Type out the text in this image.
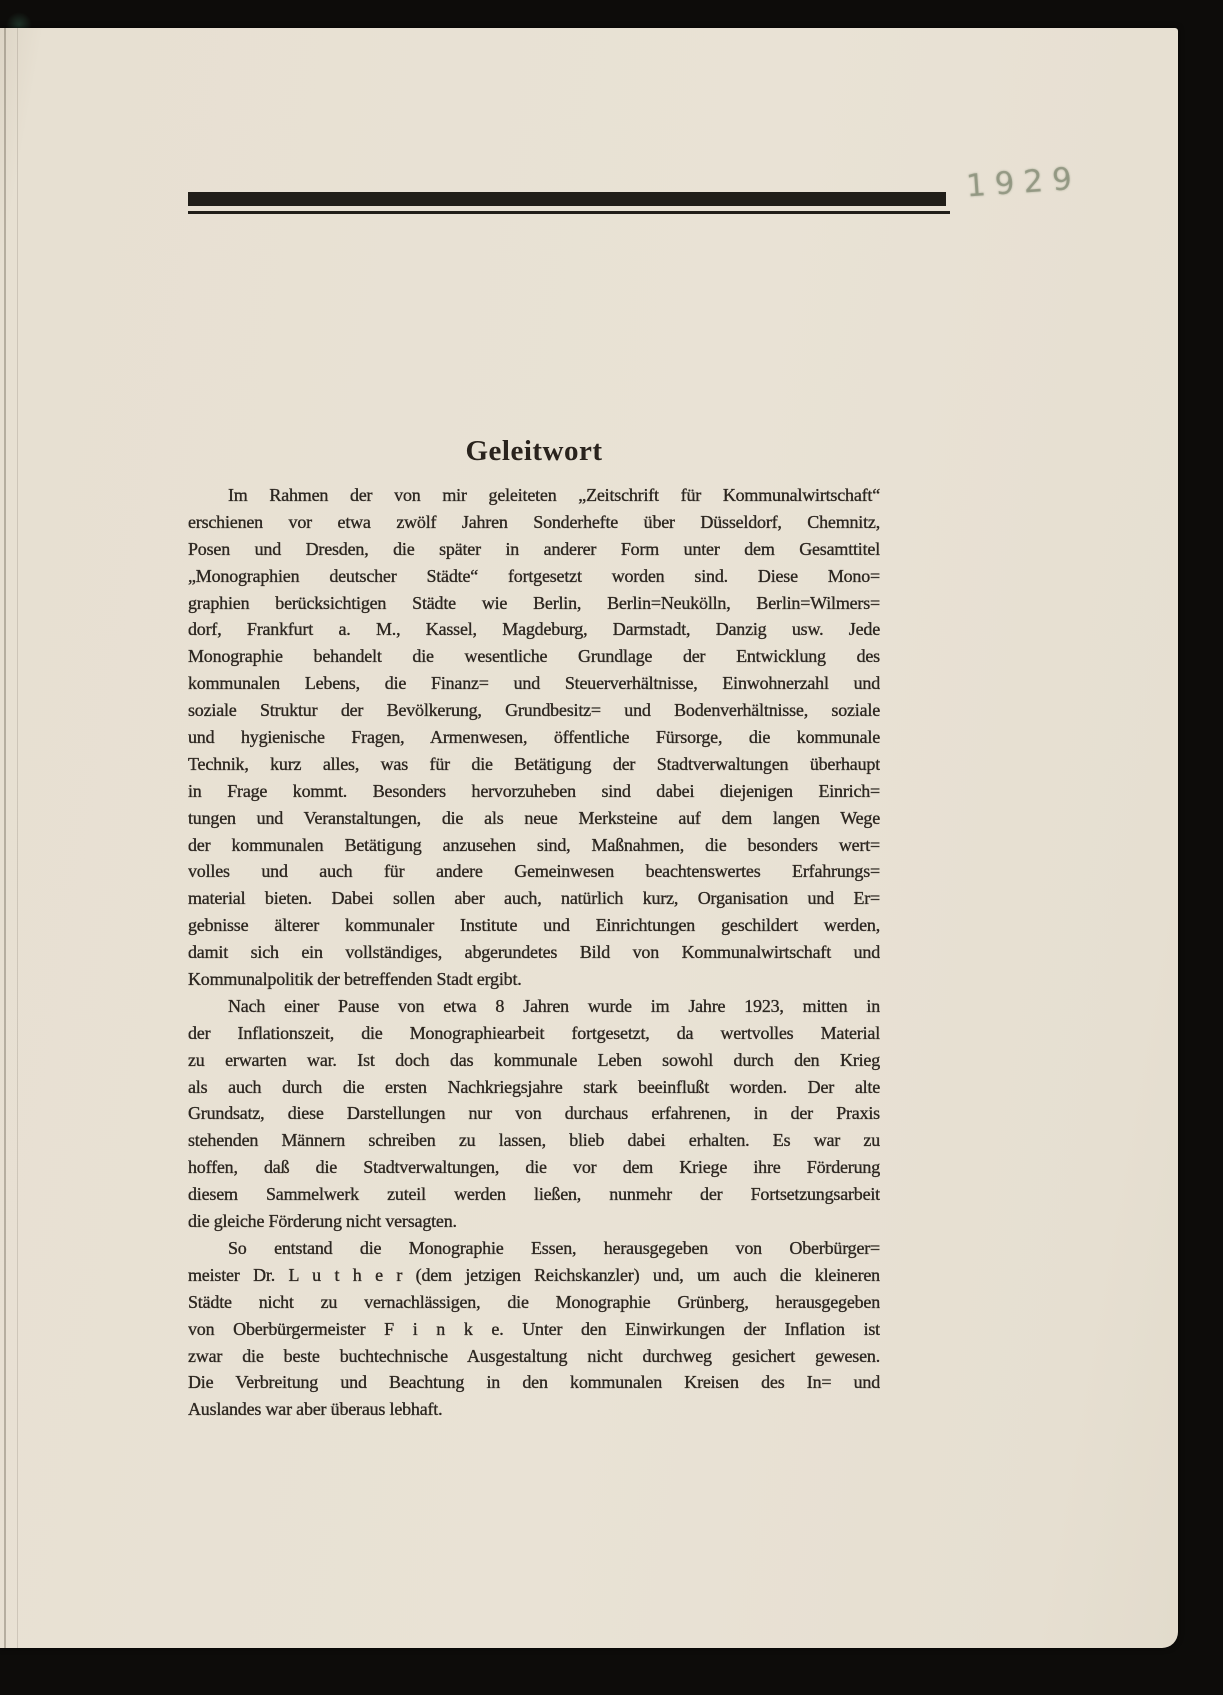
1929
Geleitwort
Im Rahmen der von mir geleiteten „Zeitschrift für Kommunalwirtschaft“
erschienen vor etwa zwölf Jahren Sonderhefte über Düsseldorf, Chemnitz,
Posen und Dresden, die später in anderer Form unter dem Gesamttitel
„Monographien deutscher Städte“ fortgesetzt worden sind. Diese Mono=
graphien berücksichtigen Städte wie Berlin, Berlin=Neukölln, Berlin=Wilmers=
dorf, Frankfurt a. M., Kassel, Magdeburg, Darmstadt, Danzig usw. Jede
Monographie behandelt die wesentliche Grundlage der Entwicklung des
kommunalen Lebens, die Finanz= und Steuerverhältnisse, Einwohnerzahl und
soziale Struktur der Bevölkerung, Grundbesitz= und Bodenverhältnisse, soziale
und hygienische Fragen, Armenwesen, öffentliche Fürsorge, die kommunale
Technik, kurz alles, was für die Betätigung der Stadtverwaltungen überhaupt
in Frage kommt. Besonders hervorzuheben sind dabei diejenigen Einrich=
tungen und Veranstaltungen, die als neue Merksteine auf dem langen Wege
der kommunalen Betätigung anzusehen sind, Maßnahmen, die besonders wert=
volles und auch für andere Gemeinwesen beachtenswertes Erfahrungs=
material bieten. Dabei sollen aber auch, natürlich kurz, Organisation und Er=
gebnisse älterer kommunaler Institute und Einrichtungen geschildert werden,
damit sich ein vollständiges, abgerundetes Bild von Kommunalwirtschaft und
Kommunalpolitik der betreffenden Stadt ergibt.
Nach einer Pause von etwa 8 Jahren wurde im Jahre 1923, mitten in
der Inflationszeit, die Monographiearbeit fortgesetzt, da wertvolles Material
zu erwarten war. Ist doch das kommunale Leben sowohl durch den Krieg
als auch durch die ersten Nachkriegsjahre stark beeinflußt worden. Der alte
Grundsatz, diese Darstellungen nur von durchaus erfahrenen, in der Praxis
stehenden Männern schreiben zu lassen, blieb dabei erhalten. Es war zu
hoffen, daß die Stadtverwaltungen, die vor dem Kriege ihre Förderung
diesem Sammelwerk zuteil werden ließen, nunmehr der Fortsetzungsarbeit
die gleiche Förderung nicht versagten.
So entstand die Monographie Essen, herausgegeben von Oberbürger=
meister Dr. L u t h e r (dem jetzigen Reichskanzler) und, um auch die kleineren
Städte nicht zu vernachlässigen, die Monographie Grünberg, herausgegeben
von Oberbürgermeister F i n k e. Unter den Einwirkungen der Inflation ist
zwar die beste buchtechnische Ausgestaltung nicht durchweg gesichert gewesen.
Die Verbreitung und Beachtung in den kommunalen Kreisen des In= und
Auslandes war aber überaus lebhaft.
